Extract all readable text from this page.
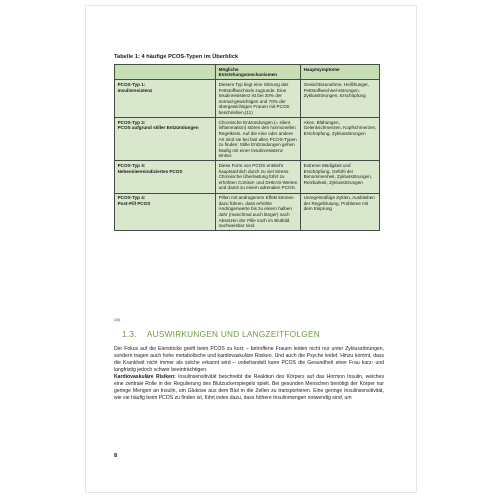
Tabelle 1: 4 häufige PCOS-Typen im Überblick
	Mögliche Entstehungsmechanismen	Hauptsymptome
PCOS-Typ 1:
Insulinresistenz	Diesem Typ liegt eine Störung des Fettstoffwechsels zugrunde. Eine Insulinresistenz ist bei 30% der normal-gewichtigen und 70% der übergewichtigen Frauen mit PCOS beschrieben.(11)	Gewichtszunahme, Heißhunger, Fettstoffwechsel-störungen, Zyklusstörungen, Erschöpfung
PCOS-Typ 2:
PCOS aufgrund stiller Entzündungen	Chronische Entzündungen (= silent inflammation) stören den hormonellen Regelkreis. Auf die eine oder andere Art sind sie bei fast allen PCOS-Typen zu finden: Stille Entzündungen gehen häufig mit einer Insulinresistenz einher.	Akne, Blähungen, Gelenkschmerzen, Kopfschmerzen, Erschöpfung, Zyklusstörungen
PCOS-Typ 3:
Nebennierenindiziertes PCOS	Diese Form von PCOS entsteht hauptsächlich durch zu viel Stress. Chronische Überlastung führt zu erhöhten Cortisol- und DHEAS-Werten und damit zu einem adrenalen PCOS.	Extreme Müdigkeit und Erschöpfung, Gefühl der Benommenheit, Zyklusstörungen, Reizbarkeit, Zyklusstörungen
PCOS-Typ 4:
Post-Pill PCOS	Pillen mit androgenem Effekt können dazu führen, dass erhöhte Androgenwerte bis zu einem halben Jahr (manchmal auch länger) nach Absetzen der Pille noch im Blutbild nachweisbar sind.	Unregelmäßige Zyklen, Ausbleiben der Regelblutung, Probleme mit dem Eisprung
(10)
1.3. AUSWIRKUNGEN UND LANGZEITFOLGEN

Der Fokus auf die Eierstöcke greift beim PCOS zu kurz – betroffene Frauen leiden nicht nur unter Zyklusstörungen, sondern tragen auch hohe metabolische und kardiovaskuläre Risiken. Und auch die Psyche leidet. Hinzu kommt, dass die Krankheit nicht immer als solche erkannt wird – unbehandelt kann PCOS die Gesundheit einer Frau kurz- und langfristig jedoch schwer beeinträchtigen.

Kardiovaskuläre Risiken: Insulinsensitivität beschreibt die Reaktion des Körpers auf das Hormon Insulin, welches eine zentrale Rolle in der Regulierung des Blutzuckerspiegels spielt. Bei gesunden Menschen benötigt der Körper nur geringe Mengen an Insulin, um Glukose aus dem Blut in die Zellen zu transportieren. Eine geringe Insulinsensitivität, wie sie häufig beim PCOS zu finden ist, führt indes dazu, dass höhere Insulinmengen notwendig sind, um

8
